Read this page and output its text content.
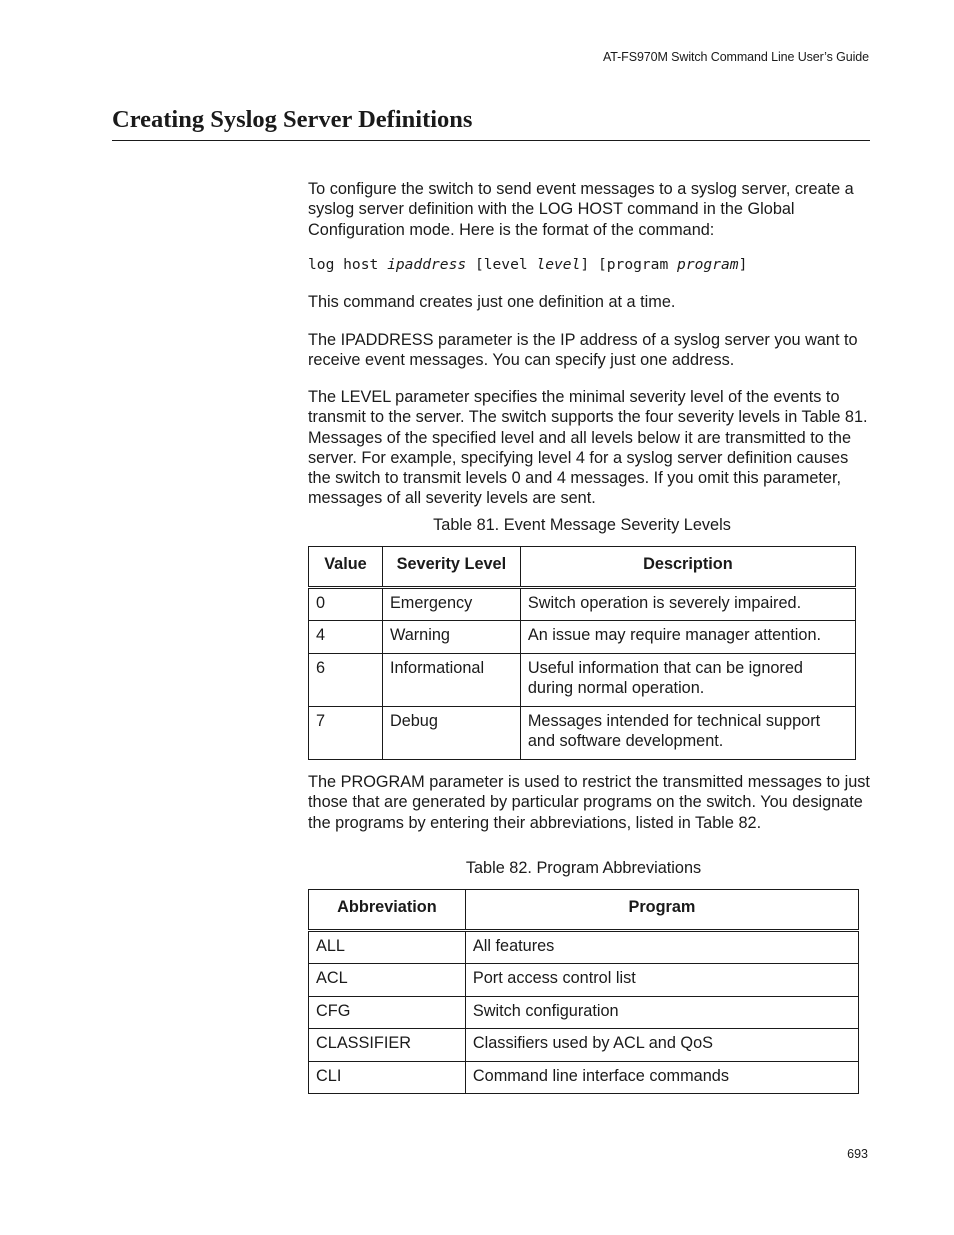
AT-FS970M Switch Command Line User’s Guide
Creating Syslog Server Definitions

To configure the switch to send event messages to a syslog server, create a syslog server definition with the LOG HOST command in the Global Configuration mode. Here is the format of the command:

log host ipaddress [level level] [program program]

This command creates just one definition at a time.

The IPADDRESS parameter is the IP address of a syslog server you want to receive event messages. You can specify just one address.

The LEVEL parameter specifies the minimal severity level of the events to transmit to the server. The switch supports the four severity levels in Table 81. Messages of the specified level and all levels below it are transmitted to the server. For example, specifying level 4 for a syslog server definition causes the switch to transmit levels 0 and 4 messages. If you omit this parameter, messages of all severity levels are sent.

Table 81. Event Message Severity Levels

Value	Severity Level	Description
0	Emergency	Switch operation is severely impaired.
4	Warning	An issue may require manager attention.
6	Informational	Useful information that can be ignored during normal operation.
7	Debug	Messages intended for technical support and software development.

The PROGRAM parameter is used to restrict the transmitted messages to just those that are generated by particular programs on the switch. You designate the programs by entering their abbreviations, listed in Table 82.

Table 82. Program Abbreviations

Abbreviation	Program
ALL	All features
ACL	Port access control list
CFG	Switch configuration
CLASSIFIER	Classifiers used by ACL and QoS
CLI	Command line interface commands
693
